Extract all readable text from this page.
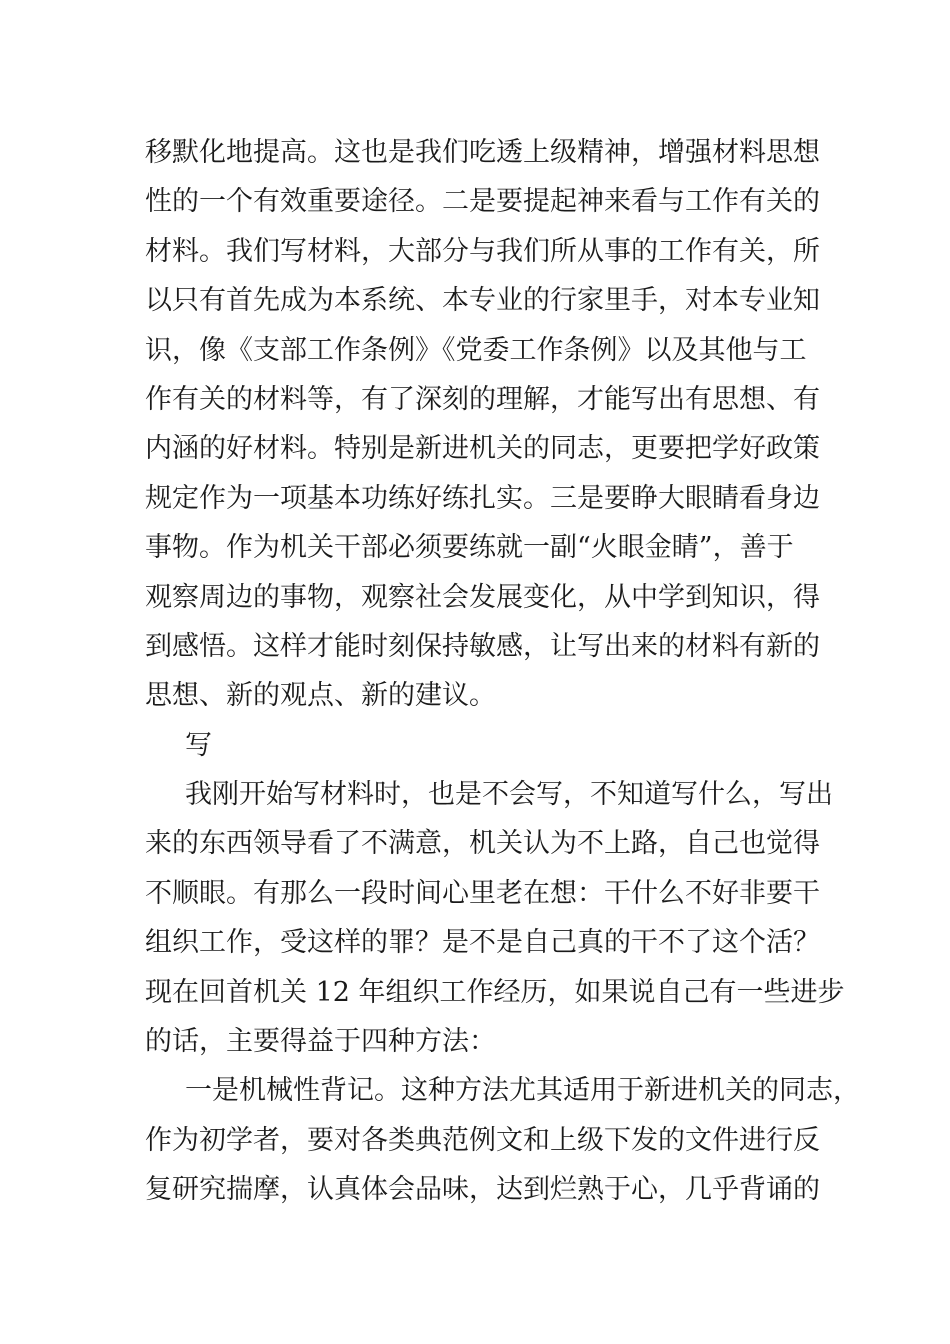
移默化地提高。这也是我们吃透上级精神，增强材料思想
性的一个有效重要途径。二是要提起神来看与工作有关的
材料。我们写材料，大部分与我们所从事的工作有关，所
以只有首先成为本系统、本专业的行家里手，对本专业知
识，像《支部工作条例》《党委工作条例》以及其他与工
作有关的材料等，有了深刻的理解，才能写出有思想、有
内涵的好材料。特别是新进机关的同志，更要把学好政策
规定作为一项基本功练好练扎实。三是要睁大眼睛看身边
事物。作为机关干部必须要练就一副“火眼金睛”，善于
观察周边的事物，观察社会发展变化，从中学到知识，得
到感悟。这样才能时刻保持敏感，让写出来的材料有新的
思想、新的观点、新的建议。
写
我刚开始写材料时，也是不会写，不知道写什么，写出
来的东西领导看了不满意，机关认为不上路，自己也觉得
不顺眼。有那么一段时间心里老在想：干什么不好非要干
组织工作，受这样的罪？是不是自己真的干不了这个活？
现在回首机关 12 年组织工作经历，如果说自己有一些进步
的话，主要得益于四种方法：
一是机械性背记。这种方法尤其适用于新进机关的同志，
作为初学者，要对各类典范例文和上级下发的文件进行反
复研究揣摩，认真体会品味，达到烂熟于心，几乎背诵的
